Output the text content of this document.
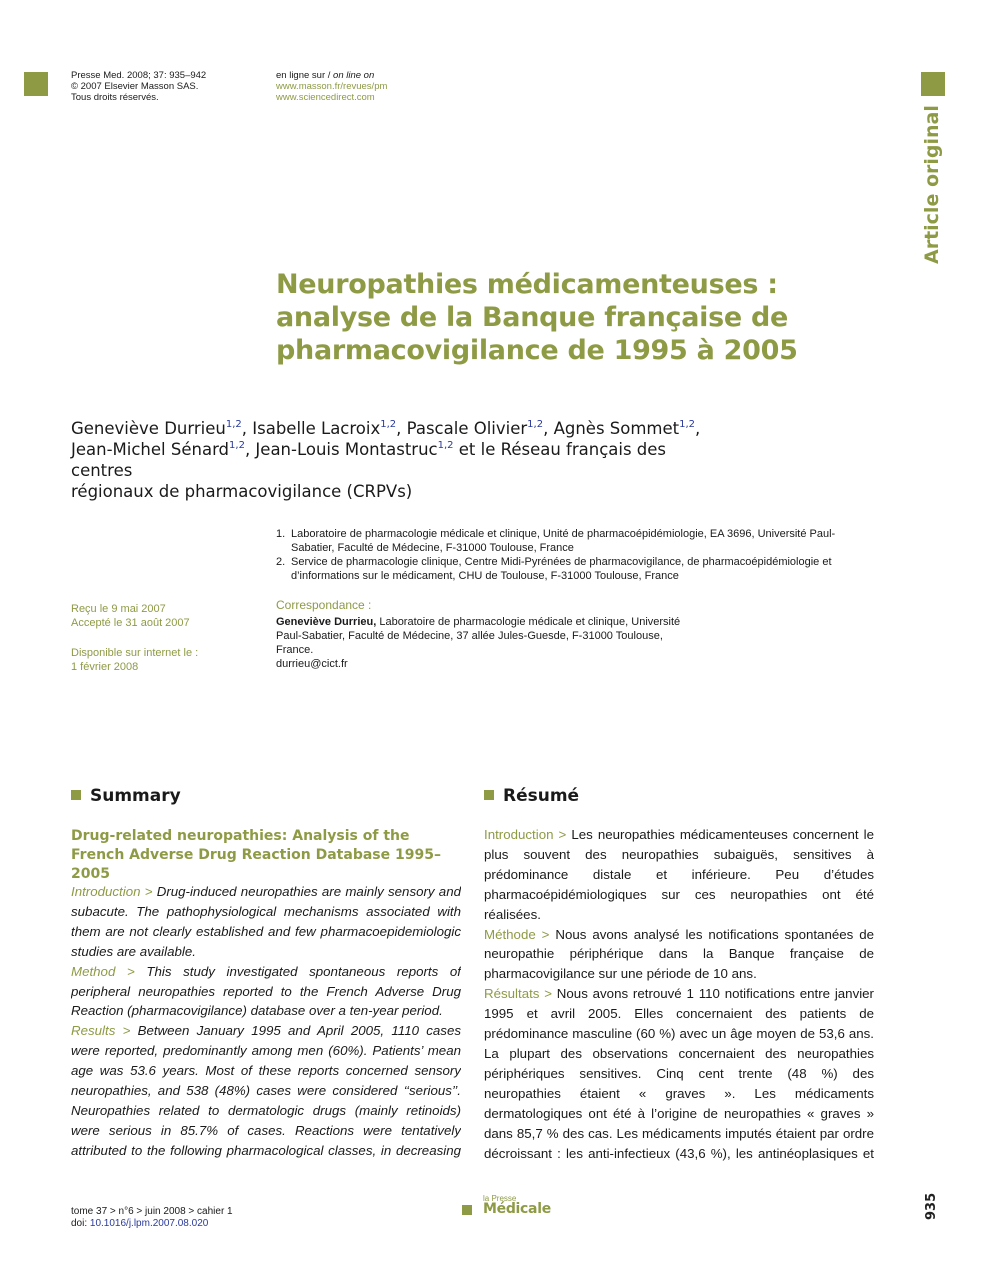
Presse Med. 2008; 37: 935–942
© 2007 Elsevier Masson SAS.
Tous droits réservés.
en ligne sur / on line on
www.masson.fr/revues/pm
www.sciencedirect.com
Article original
Neuropathies médicamenteuses :
analyse de la Banque française de
pharmacovigilance de 1995 à 2005
Geneviève Durrieu$^{1,2}$, Isabelle Lacroix$^{1,2}$, Pascale Olivier$^{1,2}$, Agnès Sommet$^{1,2}$,
Jean-Michel Sénard$^{1,2}$, Jean-Louis Montastruc$^{1,2}$ et le Réseau français des centres
régionaux de pharmacovigilance (CRPVs)
1. Laboratoire de pharmacologie médicale et clinique, Unité de pharmacoépidémiologie, EA 3696, Université Paul-Sabatier, Faculté de Médecine, F-31000 Toulouse, France
2. Service de pharmacologie clinique, Centre Midi-Pyrénées de pharmacovigilance, de pharmacoépidémiologie et d’informations sur le médicament, CHU de Toulouse, F-31000 Toulouse, France
Reçu le 9 mai 2007
Accepté le 31 août 2007
Disponible sur internet le :
1 février 2008
Correspondance :
Geneviève Durrieu, Laboratoire de pharmacologie médicale et clinique, Université
Paul-Sabatier, Faculté de Médecine, 37 allée Jules-Guesde, F-31000 Toulouse,
France.
durrieu@cict.fr
Summary	Résumé
Drug-related neuropathies: Analysis of the French Adverse Drug Reaction Database 1995–2005
Introduction > Drug-induced neuropathies are mainly sensory and subacute. The pathophysiological mechanisms associated with them are not clearly established and few pharmacoepidemiologic studies are available.
Method > This study investigated spontaneous reports of peripheral neuropathies reported to the French Adverse Drug Reaction (pharmacovigilance) database over a ten-year period.
Results > Between January 1995 and April 2005, 1110 cases were reported, predominantly among men (60%). Patients’ mean age was 53.6 years. Most of these reports concerned sensory neuropathies, and 538 (48%) cases were considered ‘‘serious’’. Neuropathies related to dermatologic drugs (mainly retinoids) were serious in 85.7% of cases. Reactions were tentatively attributed to the following pharmacological classes, in decreasing
Introduction > Les neuropathies médicamenteuses concernent le plus souvent des neuropathies subaiguës, sensitives à prédominance distale et inférieure. Peu d’études pharmacoépidémiologiques sur ces neuropathies ont été réalisées.
Méthode > Nous avons analysé les notifications spontanées de neuropathie périphérique dans la Banque française de pharmacovigilance sur une période de 10 ans.
Résultats > Nous avons retrouvé 1 110 notifications entre janvier 1995 et avril 2005. Elles concernaient des patients de prédominance masculine (60 %) avec un âge moyen de 53,6 ans. La plupart des observations concernaient des neuropathies périphériques sensitives. Cinq cent trente (48 %) des neuropathies étaient « graves ». Les médicaments dermatologiques ont été à l’origine de neuropathies « graves » dans 85,7 % des cas. Les médicaments imputés étaient par ordre décroissant : les anti-infectieux (43,6 %), les antinéoplasiques et
tome 37 > n°6 > juin 2008 > cahier 1
doi: 10.1016/j.lpm.2007.08.020
la Presse
Médicale	935
